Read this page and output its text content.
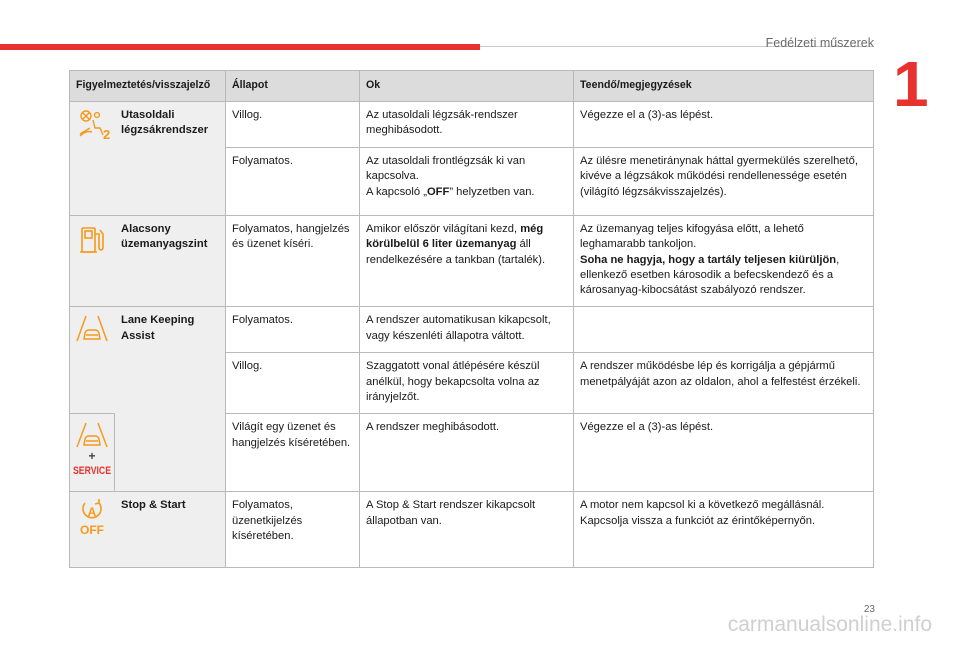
Fedélzeti műszerek
1
Figyelmeztetés/visszajelző		Állapot	Ok	Teendő/megjegyzések

2	Utasoldali légzsákrendszer	Villog.	Az utasoldali légzsák-rendszer meghibásodott.	Végezze el a (3)-as lépést.
		Folyamatos.	Az utasoldali frontlégzsák ki van kapcsolva.
A kapcsoló „OFF” helyzetben van.	Az ülésre menetiránynak háttal gyermekülés szerelhető, kivéve a légzsákok működési rendellenessége esetén (világító légzsákvisszajelzés).
	Alacsony üzemanyagszint	Folyamatos, hangjelzés és üzenet kíséri.	Amikor először világítani kezd, még körülbelül 6 liter üzemanyag áll rendelkezésére a tankban (tartalék).	Az üzemanyag teljes kifogyása előtt, a lehető leghamarabb tankoljon.
Soha ne hagyja, hogy a tartály teljesen kiürüljön, ellenkező esetben károsodik a befecskendező és a károsanyag-kibocsátást szabályozó rendszer.
	Lane Keeping Assist	Folyamatos.	A rendszer automatikusan kikapcsolt, vagy készenléti állapotra váltott.	
		Villog.	Szaggatott vonal átlépésére készül anélkül, hogy bekapcsolta volna az irányjelzőt.	A rendszer működésbe lép és korrigálja a gépjármű menetpályáját azon az oldalon, ahol a felfestést érzékeli.

+
SERVICE		Világít egy üzenet és hangjelzés kíséretében.	A rendszer meghibásodott.	Végezze el a (3)-as lépést.

A
OFF	Stop & Start	Folyamatos, üzenetkijelzés kíséretében.	A Stop & Start rendszer kikapcsolt állapotban van.	A motor nem kapcsol ki a következő megállásnál. Kapcsolja vissza a funkciót az érintőképernyőn.
23
carmanualsonline.info
